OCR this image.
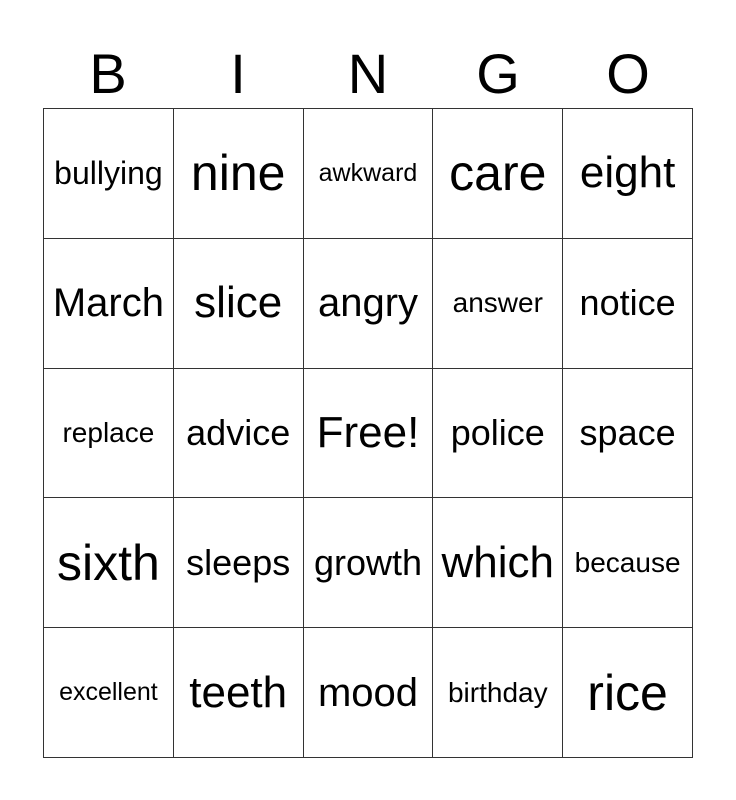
B	I	N	G	O
bullying	nine	awkward	care	eight
March	slice	angry	answer	notice
replace	advice	Free!	police	space
sixth	sleeps	growth	which	because
excellent	teeth	mood	birthday	rice
